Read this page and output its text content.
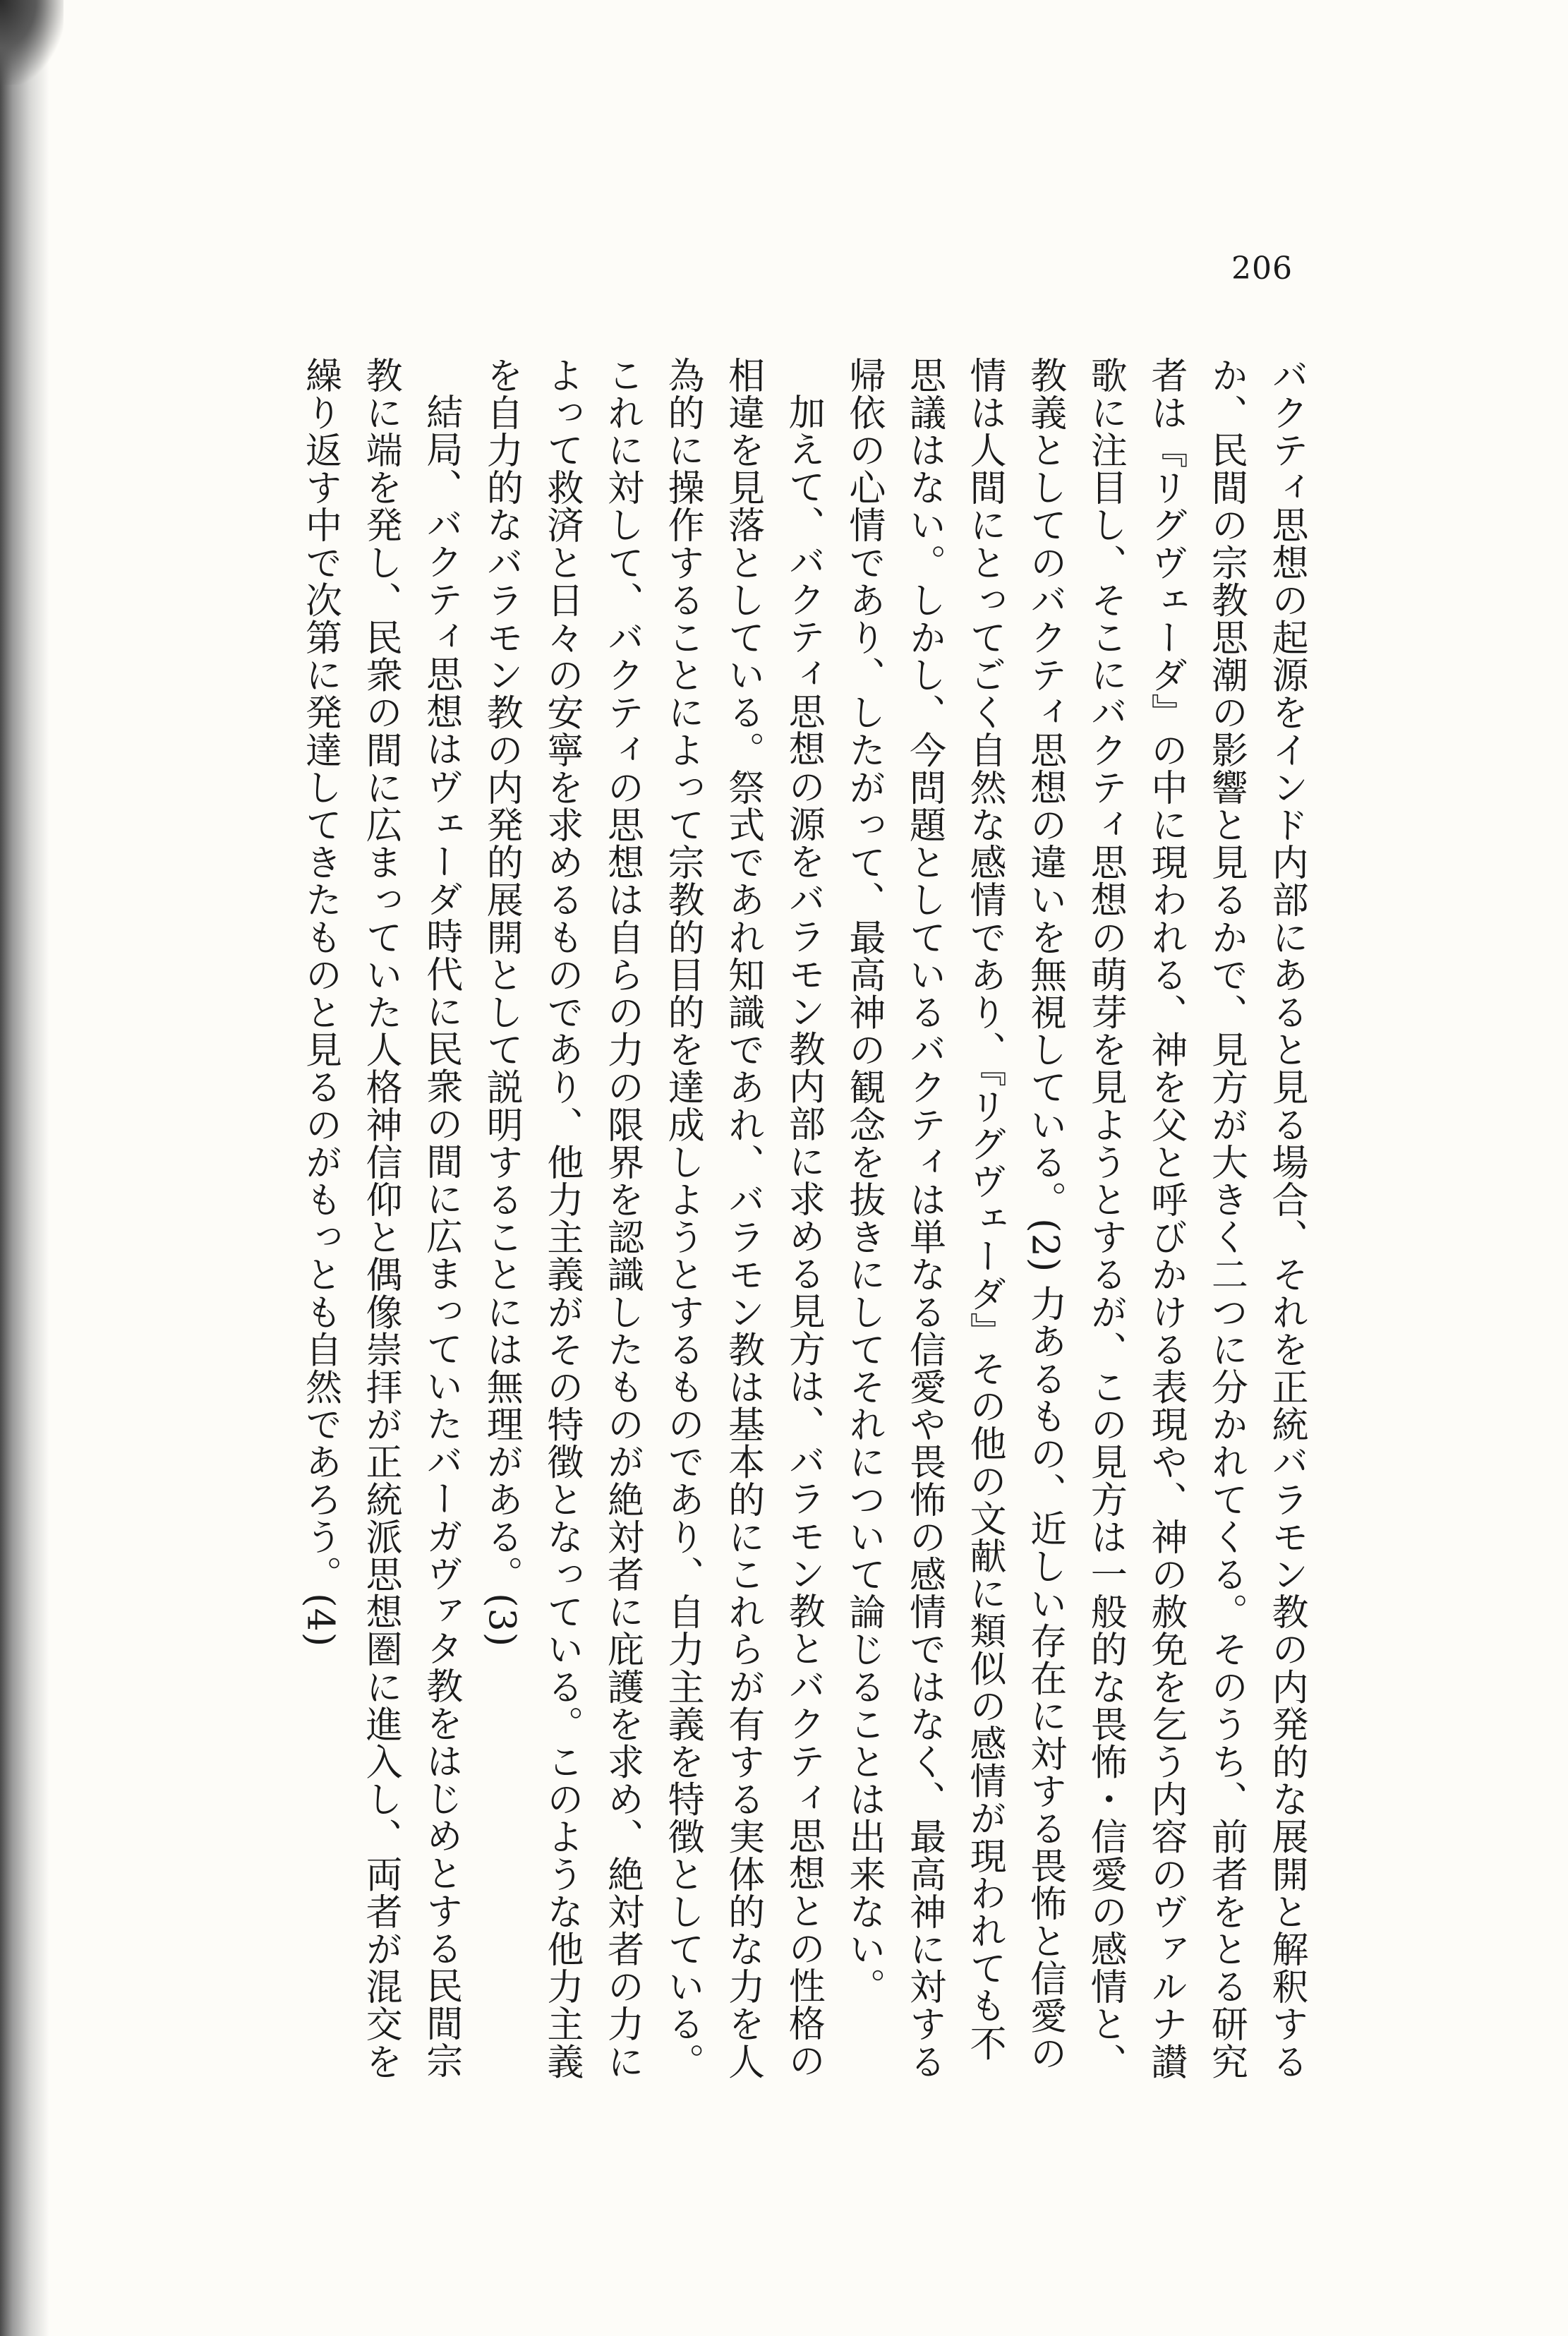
206

バクティ思想の起源をインド内部にあると見る場合、それを正統バラモン教の内発的な展開と解釈するか、民間の宗教思潮の影響と見るかで、見方が大きく二つに分かれてくる。そのうち、前者をとる研究者は『リグヴェーダ』の中に現われる、神を父と呼びかける表現や、神の赦免を乞う内容のヴァルナ讃歌に注目し、そこにバクティ思想の萌芽を見ようとするが、この見方は一般的な畏怖・信愛の感情と、教義としてのバクティ思想の違いを無視している。(2) 力あるもの、近しい存在に対する畏怖と信愛の情は人間にとってごく自然な感情であり、『リグヴェーダ』その他の文献に類似の感情が現われても不思議はない。しかし、今問題としているバクティは単なる信愛や畏怖の感情ではなく、最高神に対する帰依の心情であり、したがって、最高神の観念を抜きにしてそれについて論じることは出来ない。

加えて、バクティ思想の源をバラモン教内部に求める見方は、バラモン教とバクティ思想との性格の相違を見落としている。祭式であれ知識であれ、バラモン教は基本的にこれらが有する実体的な力を人為的に操作することによって宗教的目的を達成しようとするものであり、自力主義を特徴としている。これに対して、バクティの思想は自らの力の限界を認識したものが絶対者に庇護を求め、絶対者の力によって救済と日々の安寧を求めるものであり、他力主義がその特徴となっている。このような他力主義を自力的なバラモン教の内発的展開として説明することには無理がある。(3)

結局、バクティ思想はヴェーダ時代に民衆の間に広まっていたバーガヴァタ教をはじめとする民間宗教に端を発し、民衆の間に広まっていた人格神信仰と偶像崇拝が正統派思想圏に進入し、両者が混交を繰り返す中で次第に発達してきたものと見るのがもっとも自然であろう。(4)
